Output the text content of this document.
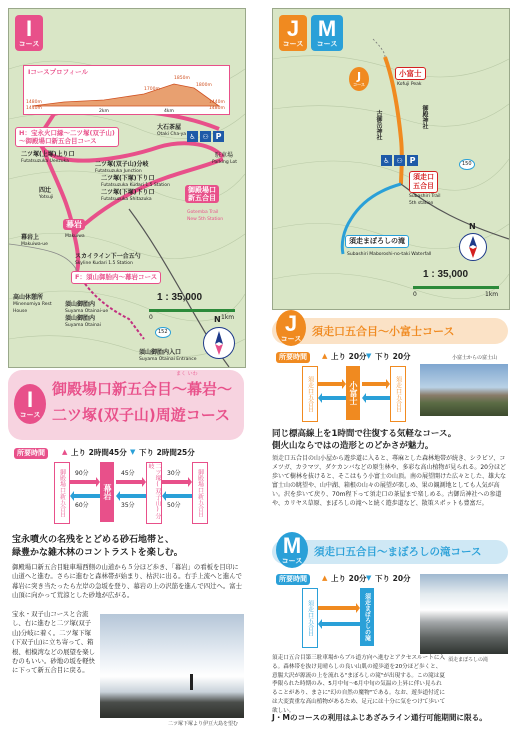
I
コース
Iコースプロフィール
1850m
1800m
1700m
1480m
1440m
1440m
1480m
2km	4km
H：宝永火口縁〜二ツ塚(双子山)
〜御殿場口新五合目コース
大石茶屋
Otaki Cha-ya ♿ ⚇ P
駐車場
Parking Lot
二ツ塚(上塚)上り口
Futatsuzuka Ueezuka	二ツ塚(双子山)分岐
Futatsuzuka Junction
二ツ塚(下塚)下り口
Futatsuzuka Kudari 1.5 Station
二ツ塚(下塚)下り口
Futatsuzuka Shitazuka
四辻
Yotsuji
幕岩上
Makuiwa-ue
幕岩
Makuiwa
スカイライン下一合五勺
Skyline Kudari 1.5 Station
御殿場口
新五合目
Gotemba Trail
New 5th Station
F：須山御胎内〜幕岩コース
高山休憩所
Minenomiya Rest House
須山御胎内
Suyama Otainai-ue
須山御胎内
Suyama Otainai
須山御胎内入口
Suyama Otainai Entrance
152
1 : 35,000
0	1km
N
I
コース
まく いわ
御殿場口新五合目〜幕岩〜
二ツ塚(双子山)周遊コース
所要時間	▲ 上り 2時間45分 ▼ 下り 2時間25分
御殿場口新五合目	幕岩	二ツ塚(双子山)分岐
御殿場口新五合目
90分
60分
45分
35分
30分
50分
宝永噴火の名残をとどめる砂石地帯と、
緑豊かな雑木林のコントラストを楽しむ。
御殿場口新五合目駐車場西側の山道から５分ほど歩き、「幕岩」の看板を目印に山道へと進む。さらに進むと森林帯が始まり、枯沢に出る。右手上流へと進んで幕岩に突き当たったら左岸の急坂を登り、幕岩の上の沢筋を進んで四辻へ。富士山頂に向かって荒涼とした砂地が広がる。
宝永・双子山コースと合流し、右に進むと二ツ塚(双子山)分岐に着く。二ツ塚下塚(下双子山)に立ち寄って、箱根、相模湾などの展望を楽しむのもいい。砂地の坂を軽快に下って新五合目に戻る。
二ツ塚下塚より伊豆大島を望む
J
コース
M
コース
J
コース
小富士
Kofuji Peak
古御岳神社	御殿神社
♿ ⚇ P
須走口
五合目
Subashiri Trail
5th station
須走まぼろしの滝
Subashiri Maboroshi-no-taki Waterfall
150
N
1 : 35,000
0	1km
J
コース
須走口五合目〜小富士コース
所要時間	▲ 上り 20分 ▼ 下り 20分
須走口五合目	小富士	須走口五合目
小富士からの富士山
同じ標高線上を1時間で往復する気軽なコース。
側火山ならではの造形とのどかさが魅力。
須走口五合目の山小屋から遊歩道に入ると、蕁麻とした森林地帯が続き、シラビソ、コメツガ、カラマツ、ダケカンバなどの原生林や、多彩な高山植物が見られる。20分ほど歩いて樹林を抜けると、そこはもう小富士の山頂。南の展望開けた広々とした、雄大な富士山の眺望や、山中湖、箱根の山々の展望が楽しめ、果の観測地としても人気が高い。沢を歩いて戻り、70m程下って須走口の茶屋まで楽しめる。古御岳神社への参道や、カリヤス草原、まぼろしの滝へと続く遊歩道など、散策スポットも豊富だ。
M
コース
須走口五合目〜まぼろしの滝コース
所要時間	▲ 上り 20分 ▼ 下り 20分
須走口五合目	須走まぼろしの滝
須走まぼろしの滝
須走口五合目第三駐車場からブル道方向へ進むとアクセスルートに入る。森林帯を抜け見晴らしの良い山肌の遊歩道を20分ほど歩くと、意腸大沢が源流の上を流れる"まぼろしの滝"が出現する。この滝は夏季限られた時期のみ、5月中旬〜6月中旬の気温の上昇に伴い見られることがあり、まさに"幻の自然の魔物"である。なお、遊歩道付近には大変貴重な高山植物があるため、足元には十分に気をつけて歩いて欲しい。
J・Mのコースの利用はふじあざみライン通行可能期間に限る。
